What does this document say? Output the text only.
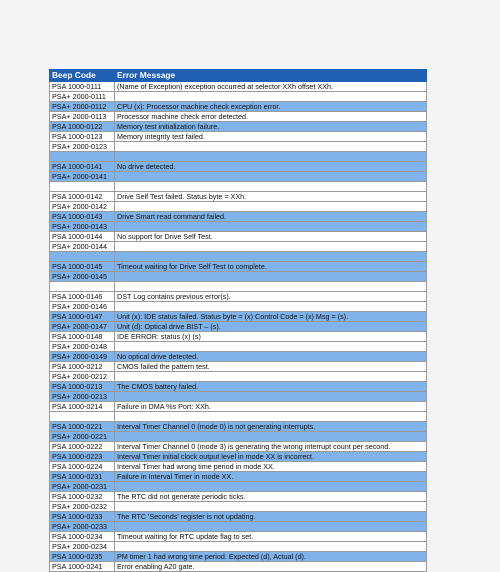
Beep Code	Error Message
PSA 1000-0111	(Name of Exception) exception occurred at selector XXh offset XXh.
PSA+ 2000-0111	
PSA+ 2000-0112	CPU (x): Processor machine check exception error.
PSA+ 2000-0113	Processor machine check error detected.
PSA 1000-0122	Memory test initialization failure.
PSA 1000-0123	Memory integrity test failed.
PSA+ 2000-0123	

PSA 1000-0141	No drive detected.
PSA+ 2000-0141	

PSA 1000-0142	Drive Self Test failed. Status byte = XXh.
PSA+ 2000-0142	
PSA 1000-0143	Drive Smart read command failed.
PSA+ 2000-0143	
PSA 1000-0144	No support for Drive Self Test.
PSA+ 2000-0144	

PSA 1000-0145	Timeout waiting for Drive Self Test to complete.
PSA+ 2000-0145	

PSA 1000-0146	DST Log contains previous error(s).
PSA+ 2000-0146	
PSA 1000-0147	Unit (x): IDE status failed. Status byte = (x) Control Code = (x) Msg = (s).
PSA+ 2000-0147	Unit (d): Optical drive BIST – (s).
PSA 1000-0148	IDE ERROR: status (x) (s)
PSA+ 2000-0148	
PSA+ 2000-0149	No optical drive detected.
PSA 1000-0212	CMOS failed the pattern test.
PSA+ 2000-0212	
PSA 1000-0213	The CMOS battery failed.
PSA+ 2000-0213	
PSA 1000-0214	Failure in DMA %s Port: XXh.

PSA 1000-0221	Interval Timer Channel 0 (mode 0) is not generating interrupts.
PSA+ 2000-0221	
PSA 1000-0222	Interval Timer Channel 0 (mode 3) is generating the wrong interrupt count per second.
PSA 1000-0223	Interval Timer initial clock output level in mode XX is incorrect.
PSA 1000-0224	Interval Timer had wrong time period in mode XX.
PSA 1000-0231	Failure in Interval Timer in mode XX.
PSA+ 2000-0231	
PSA 1000-0232	The RTC did not generate periodic ticks.
PSA+ 2000-0232	
PSA 1000-0233	The RTC 'Seconds' register is not updating.
PSA+ 2000-0233	
PSA 1000-0234	Timeout waiting for RTC update flag to set.
PSA+ 2000-0234	
PSA 1000-0235	PM timer 1 had wrong time period. Expected (d), Actual (d).
PSA 1000-0241	Error enabling A20 gate.
